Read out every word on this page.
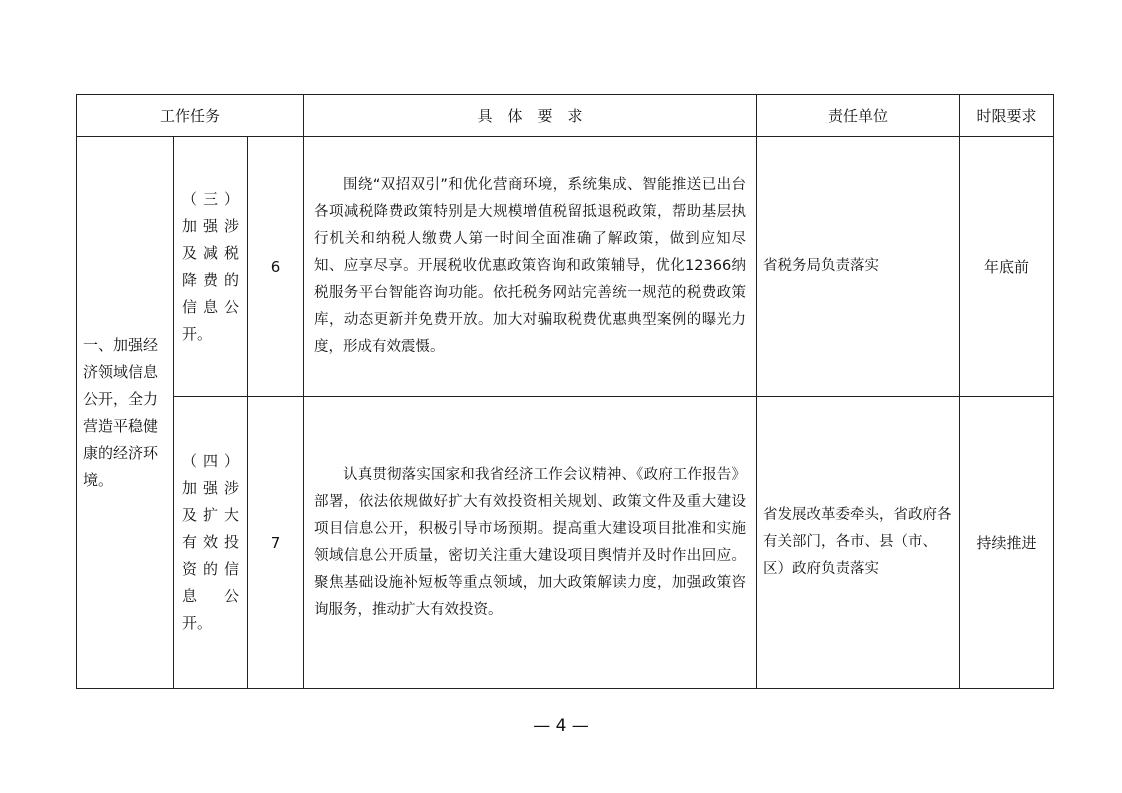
工作任务			具　体　要　求	责任单位	时限要求
一、加强经济领域信息公开，全力营造平稳健康的经济环境。	（三）加强涉及减税降费的信息公开。	6	围绕“双招双引”和优化营商环境，系统集成、智能推送已出台各项减税降费政策特别是大规模增值税留抵退税政策，帮助基层执行机关和纳税人缴费人第一时间全面准确了解政策，做到应知尽知、应享尽享。开展税收优惠政策咨询和政策辅导，优化12366纳税服务平台智能咨询功能。依托税务网站完善统一规范的税费政策库，动态更新并免费开放。加大对骗取税费优惠典型案例的曝光力度，形成有效震慑。	省税务局负责落实	年底前
	（四）加强涉及扩大有效投资的信息公开。	7	认真贯彻落实国家和我省经济工作会议精神、《政府工作报告》部署，依法依规做好扩大有效投资相关规划、政策文件及重大建设项目信息公开，积极引导市场预期。提高重大建设项目批准和实施领域信息公开质量，密切关注重大建设项目舆情并及时作出回应。聚焦基础设施补短板等重点领域，加大政策解读力度，加强政策咨询服务，推动扩大有效投资。	省发展改革委牵头，省政府各有关部门，各市、县（市、区）政府负责落实	持续推进
— 4 —
